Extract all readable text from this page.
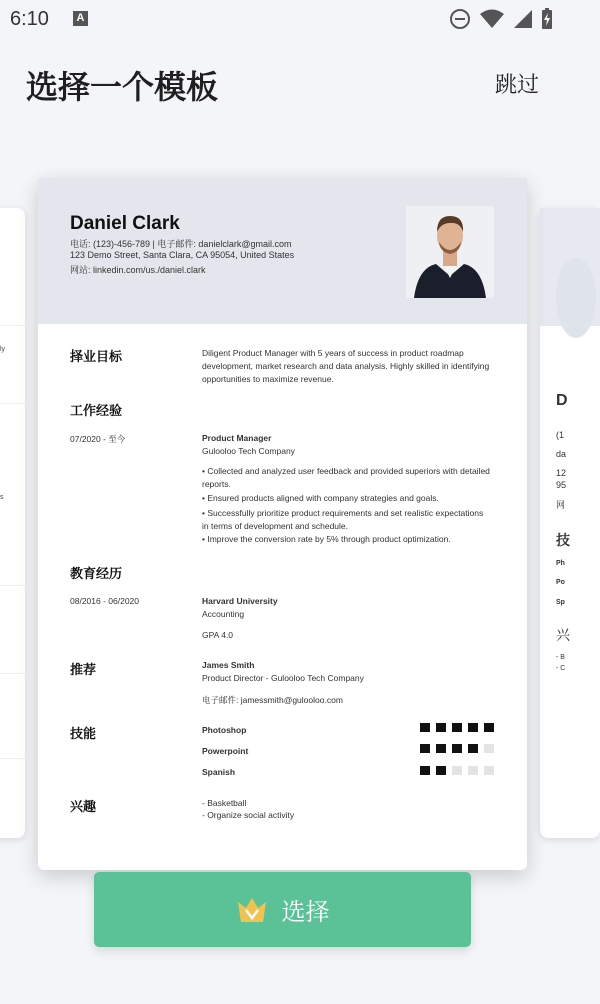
6:10	A
选择一个模板	跳过
ly
s
D
(1
da
12
95
网
技
Ph
Po
Sp
兴
- B
- C
Daniel Clark
电话: (123)-456-789 | 电子邮件: danielclark@gmail.com
123 Demo Street, Santa Clara, CA 95054, United States
网站: linkedin.com/us./daniel.clark
择业目标	Diligent Product Manager with 5 years of success in product roadmap development, market research and data analysis. Highly skilled in identifying opportunities to maximize revenue.
工作经验
07/2020 - 至今	Product Manager
Gulooloo Tech Company
• Collected and analyzed user feedback and provided superiors with detailed reports.
• Ensured products aligned with company strategies and goals.
• Successfully prioritize product requirements and set realistic expectations in terms of development and schedule.
• Improve the conversion rate by 5% through product optimization.
教育经历
08/2016 - 06/2020	Harvard University
Accounting
GPA 4.0
推荐	James Smith
Product Director - Gulooloo Tech Company
电子邮件: jamessmith@gulooloo.com
技能	Photoshop
Powerpoint
Spanish
兴趣	- Basketball
- Organize social activity
选择
